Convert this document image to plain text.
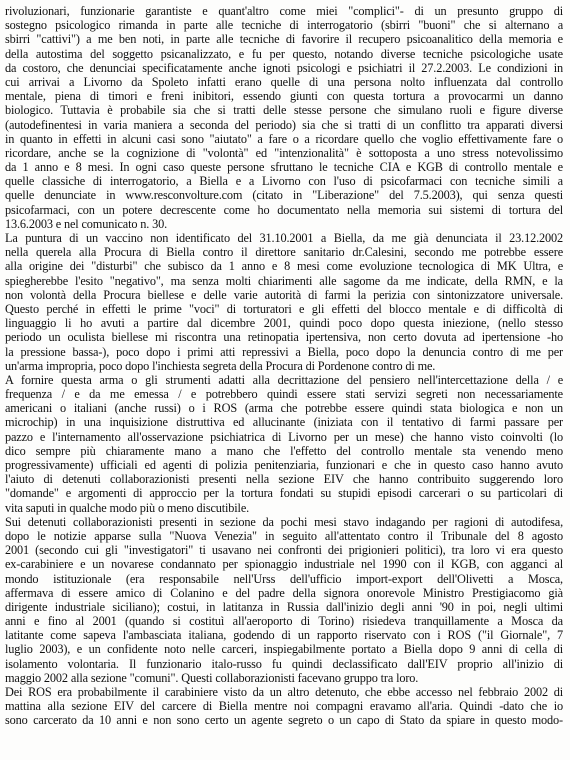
rivoluzionari, funzionarie garantiste e quant'altro come miei "complici"- di un presunto gruppo di
sostegno psicologico rimanda in parte alle tecniche di interrogatorio (sbirri "buoni" che si alternano a
sbirri "cattivi") a me ben noti, in parte alle tecniche di favorire il recupero psicoanalitico della memoria e
della autostima del soggetto psicanalizzato, e fu per questo, notando diverse tecniche psicologiche usate
da costoro, che denunciai specificatamente anche ignoti psicologi e psichiatri il 27.2.2003. Le condizioni in
cui arrivai a Livorno da Spoleto infatti erano quelle di una persona nolto influenzata dal controllo
mentale, piena di timori e freni inibitori, essendo giunti con questa tortura a provocarmi un danno
biologico. Tuttavia è probabile sia che si tratti delle stesse persone che simulano ruoli e figure diverse
(autodefinentesi in varia maniera a seconda del periodo) sia che si tratti di un conflitto tra apparati diversi
in quanto in effetti in alcuni casi sono "aiutato" a fare o a ricordare quello che voglio effettivamente fare o
ricordare, anche se la cognizione di "volontà" ed "intenzionalità" è sottoposta a uno stress notevolissimo
da 1 anno e 8 mesi. In ogni caso queste persone sfruttano le tecniche CIA e KGB di controllo mentale e
quelle classiche di interrogatorio, a Biella e a Livorno con l'uso di psicofarmaci con tecniche simili a
quelle denunciate in www.resconvolture.com (citato in "Liberazione" del 7.5.2003), qui senza questi
psicofarmaci, con un potere decrescente come ho documentato nella memoria sui sistemi di tortura del
13.6.2003 e nel comunicato n. 30.
La puntura di un vaccino non identificato del 31.10.2001 a Biella, da me già denunciata il 23.12.2002
nella querela alla Procura di Biella contro il direttore sanitario dr.Calesini, secondo me potrebbe essere
alla origine dei "disturbi" che subisco da 1 anno e 8 mesi come evoluzione tecnologica di MK Ultra, e
spiegherebbe l'esito "negativo", ma senza molti chiarimenti alle sagome da me indicate, della RMN, e la
non volontà della Procura biellese e delle varie autorità di farmi la perizia con sintonizzatore universale.
Questo perché in effetti le prime "voci" di torturatori e gli effetti del blocco mentale e di difficoltà di
linguaggio li ho avuti a partire dal dicembre 2001, quindi poco dopo questa iniezione, (nello stesso
periodo un oculista biellese mi riscontra una retinopatia ipertensiva, non certo dovuta ad ipertensione -ho
la pressione bassa-), poco dopo i primi atti repressivi a Biella, poco dopo la denuncia contro di me per
un'arma impropria, poco dopo l'inchiesta segreta della Procura di Pordenone contro di me.
A fornire questa arma o gli strumenti adatti alla decrittazione del pensiero nell'intercettazione della / e
frequenza / e da me emessa / e potrebbero quindi essere stati servizi segreti non necessariamente
americani o italiani (anche russi) o i ROS (arma che potrebbe essere quindi stata biologica e non un
microchip) in una inquisizione distruttiva ed allucinante (iniziata con il tentativo di farmi passare per
pazzo e l'internamento all'osservazione psichiatrica di Livorno per un mese) che hanno visto coinvolti (lo
dico sempre più chiaramente mano a mano che l'effetto del controllo mentale sta venendo meno
progressivamente) ufficiali ed agenti di polizia penitenziaria, funzionari e che in questo caso hanno avuto
l'aiuto di detenuti collaborazionisti presenti nella sezione EIV che hanno contribuito suggerendo loro
"domande" e argomenti di approccio per la tortura fondati su stupidi episodi carcerari o su particolari di
vita saputi in qualche modo più o meno discutibile.
Sui detenuti collaborazionisti presenti in sezione da pochi mesi stavo indagando per ragioni di autodifesa,
dopo le notizie apparse sulla "Nuova Venezia" in seguito all'attentato contro il Tribunale del 8 agosto
2001 (secondo cui gli "investigatori" ti usavano nei confronti dei prigionieri politici), tra loro vi era questo
ex-carabiniere e un novarese condannato per spionaggio industriale nel 1990 con il KGB, con agganci al
mondo istituzionale (era responsabile nell'Urss dell'ufficio import-export dell'Olivetti a Mosca,
affermava di essere amico di Colanino e del padre della signora onorevole Ministro Prestigiacomo già
dirigente industriale siciliano); costui, in latitanza in Russia dall'inizio degli anni '90 in poi, negli ultimi
anni e fino al 2001 (quando si costituì all'aeroporto di Torino) risiedeva tranquillamente a Mosca da
latitante come sapeva l'ambasciata italiana, godendo di un rapporto riservato con i ROS ("il Giornale", 7
luglio 2003), e un confidente noto nelle carceri, inspiegabilmente portato a Biella dopo 9 anni di cella di
isolamento volontaria. Il funzionario italo-russo fu quindi declassificato dall'EIV proprio all'inizio di
maggio 2002 alla sezione "comuni". Questi collaborazionisti facevano gruppo tra loro.
Dei ROS era probabilmente il carabiniere visto da un altro detenuto, che ebbe accesso nel febbraio 2002 di
mattina alla sezione EIV del carcere di Biella mentre noi compagni eravamo all'aria. Quindi -dato che io
sono carcerato da 10 anni e non sono certo un agente segreto o un capo di Stato da spiare in questo modo-
